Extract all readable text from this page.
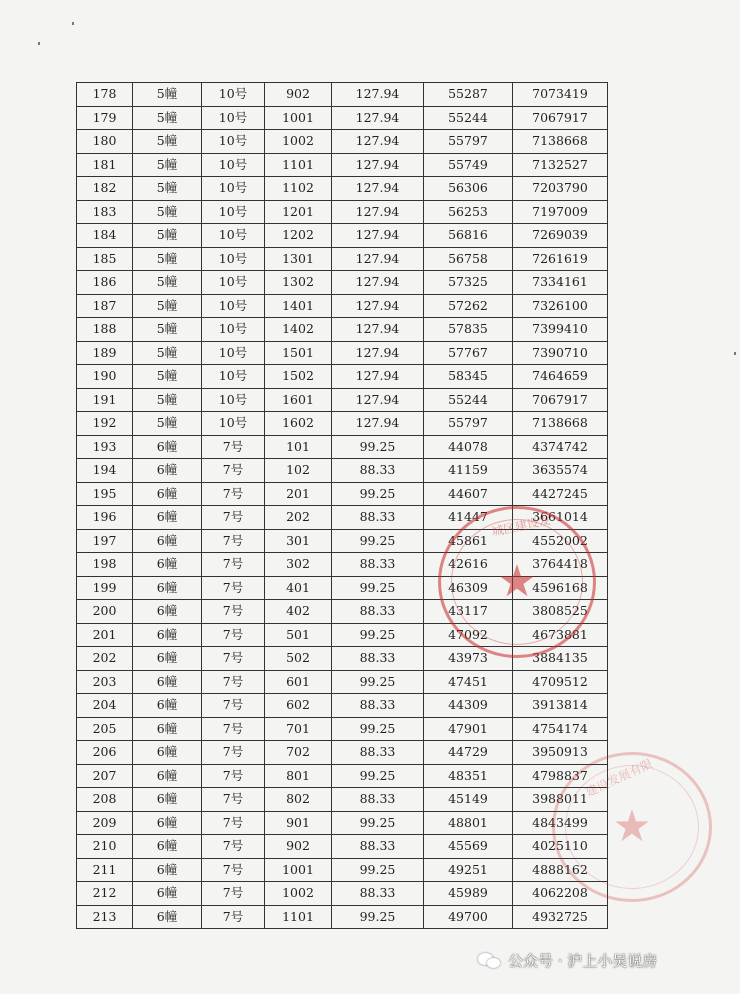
178	5幢	10号	902	127.94	55287	7073419
179	5幢	10号	1001	127.94	55244	7067917
180	5幢	10号	1002	127.94	55797	7138668
181	5幢	10号	1101	127.94	55749	7132527
182	5幢	10号	1102	127.94	56306	7203790
183	5幢	10号	1201	127.94	56253	7197009
184	5幢	10号	1202	127.94	56816	7269039
185	5幢	10号	1301	127.94	56758	7261619
186	5幢	10号	1302	127.94	57325	7334161
187	5幢	10号	1401	127.94	57262	7326100
188	5幢	10号	1402	127.94	57835	7399410
189	5幢	10号	1501	127.94	57767	7390710
190	5幢	10号	1502	127.94	58345	7464659
191	5幢	10号	1601	127.94	55244	7067917
192	5幢	10号	1602	127.94	55797	7138668
193	6幢	7号	101	99.25	44078	4374742
194	6幢	7号	102	88.33	41159	3635574
195	6幢	7号	201	99.25	44607	4427245
196	6幢	7号	202	88.33	41447	3661014
197	6幢	7号	301	99.25	45861	4552002
198	6幢	7号	302	88.33	42616	3764418
199	6幢	7号	401	99.25	46309	4596168
200	6幢	7号	402	88.33	43117	3808525
201	6幢	7号	501	99.25	47092	4673881
202	6幢	7号	502	88.33	43973	3884135
203	6幢	7号	601	99.25	47451	4709512
204	6幢	7号	602	88.33	44309	3913814
205	6幢	7号	701	99.25	47901	4754174
206	6幢	7号	702	88.33	44729	3950913
207	6幢	7号	801	99.25	48351	4798837
208	6幢	7号	802	88.33	45149	3988011
209	6幢	7号	901	99.25	48801	4843499
210	6幢	7号	902	88.33	45569	4025110
211	6幢	7号	1001	99.25	49251	4888162
212	6幢	7号	1002	88.33	45989	4062208
213	6幢	7号	1101	99.25	49700	4932725
城区建设发
★
建设发展有限
★
公众号 · 沪上小吴说房
